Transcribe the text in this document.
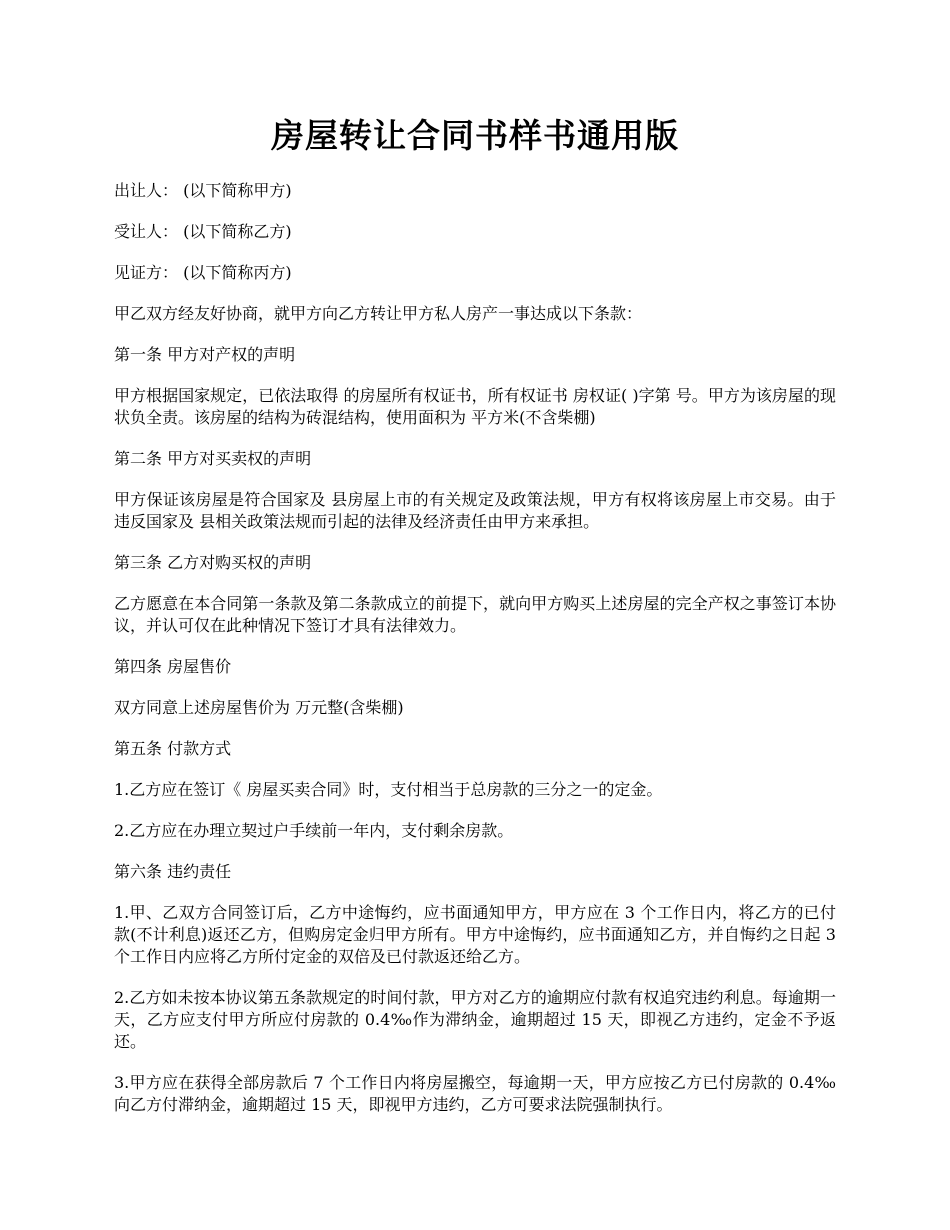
房屋转让合同书样书通用版

出让人： (以下简称甲方)

受让人： (以下简称乙方)

见证方： (以下简称丙方)

甲乙双方经友好协商，就甲方向乙方转让甲方私人房产一事达成以下条款：

第一条 甲方对产权的声明

甲方根据国家规定，已依法取得 的房屋所有权证书，所有权证书 房权证( )字第 号。甲方为该房屋的现状负全责。该房屋的结构为砖混结构，使用面积为 平方米(不含柴棚)

第二条 甲方对买卖权的声明

甲方保证该房屋是符合国家及 县房屋上市的有关规定及政策法规，甲方有权将该房屋上市交易。由于违反国家及 县相关政策法规而引起的法律及经济责任由甲方来承担。

第三条 乙方对购买权的声明

乙方愿意在本合同第一条款及第二条款成立的前提下，就向甲方购买上述房屋的完全产权之事签订本协议，并认可仅在此种情况下签订才具有法律效力。

第四条 房屋售价

双方同意上述房屋售价为 万元整(含柴棚)

第五条 付款方式

1.乙方应在签订《 房屋买卖合同》时，支付相当于总房款的三分之一的定金。

2.乙方应在办理立契过户手续前一年内，支付剩余房款。

第六条 违约责任

1.甲、乙双方合同签订后，乙方中途悔约，应书面通知甲方，甲方应在 3 个工作日内，将乙方的已付款(不计利息)返还乙方，但购房定金归甲方所有。甲方中途悔约，应书面通知乙方，并自悔约之日起 3 个工作日内应将乙方所付定金的双倍及已付款返还给乙方。

2.乙方如未按本协议第五条款规定的时间付款，甲方对乙方的逾期应付款有权追究违约利息。每逾期一天，乙方应支付甲方所应付房款的 0.4‰作为滞纳金，逾期超过 15 天，即视乙方违约，定金不予返还。

3.甲方应在获得全部房款后 7 个工作日内将房屋搬空，每逾期一天，甲方应按乙方已付房款的 0.4‰向乙方付滞纳金，逾期超过 15 天，即视甲方违约，乙方可要求法院强制执行。
